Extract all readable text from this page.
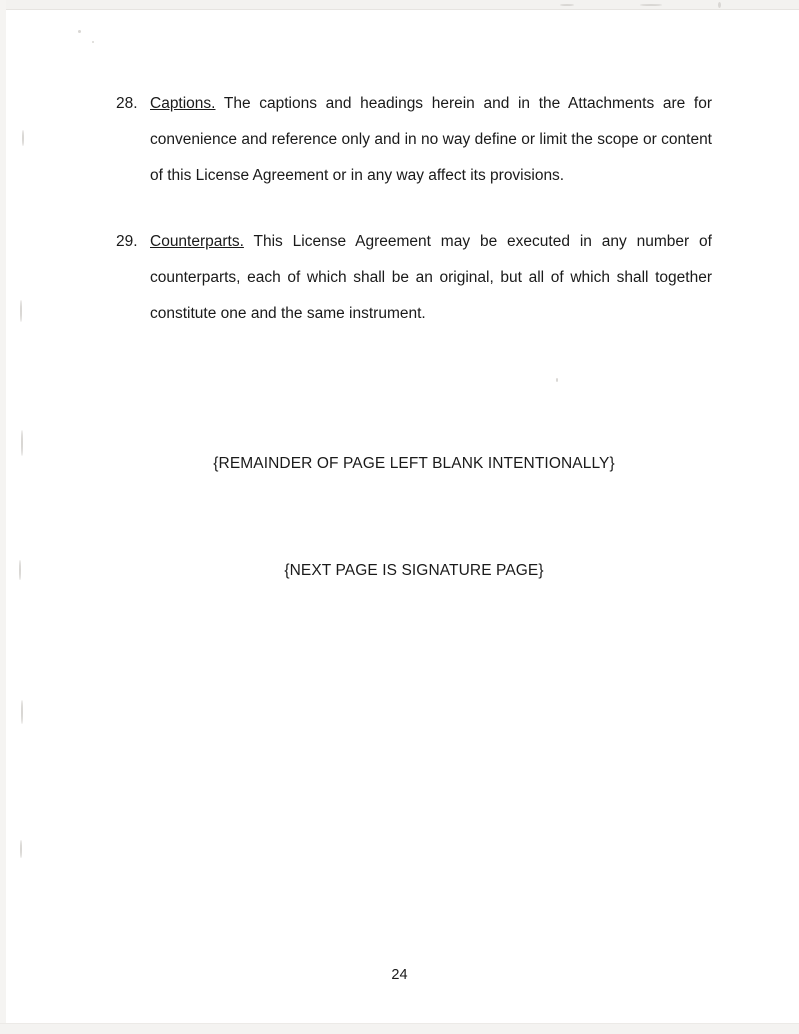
28. Captions. The captions and headings herein and in the Attachments are for convenience and reference only and in no way define or limit the scope or content of this License Agreement or in any way affect its provisions.
29. Counterparts. This License Agreement may be executed in any number of counterparts, each of which shall be an original, but all of which shall together constitute one and the same instrument.
{REMAINDER OF PAGE LEFT BLANK INTENTIONALLY}
{NEXT PAGE IS SIGNATURE PAGE}
24
